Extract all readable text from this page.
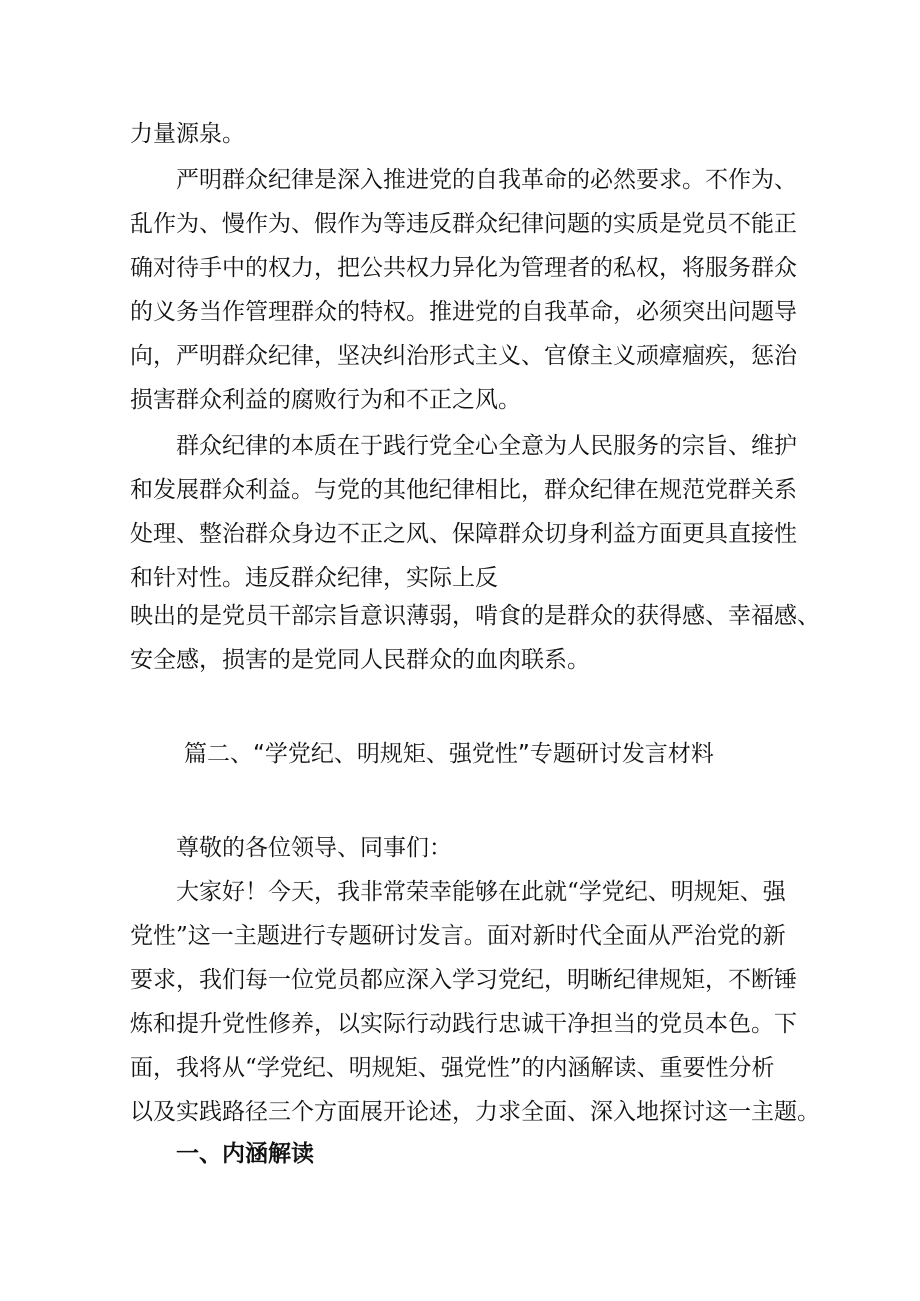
力量源泉。
严明群众纪律是深入推进党的自我革命的必然要求。不作为、
乱作为、慢作为、假作为等违反群众纪律问题的实质是党员不能正
确对待手中的权力，把公共权力异化为管理者的私权，将服务群众
的义务当作管理群众的特权。推进党的自我革命，必须突出问题导
向，严明群众纪律，坚决纠治形式主义、官僚主义顽瘴痼疾，惩治
损害群众利益的腐败行为和不正之风。
群众纪律的本质在于践行党全心全意为人民服务的宗旨、维护
和发展群众利益。与党的其他纪律相比，群众纪律在规范党群关系
处理、整治群众身边不正之风、保障群众切身利益方面更具直接性
和针对性。违反群众纪律，实际上反
映出的是党员干部宗旨意识薄弱，啃食的是群众的获得感、幸福感、
安全感，损害的是党同人民群众的血肉联系。
篇二、“学党纪、明规矩、强党性”专题研讨发言材料
尊敬的各位领导、同事们：
大家好！今天，我非常荣幸能够在此就“学党纪、明规矩、强
党性”这一主题进行专题研讨发言。面对新时代全面从严治党的新
要求，我们每一位党员都应深入学习党纪，明晰纪律规矩，不断锤
炼和提升党性修养，以实际行动践行忠诚干净担当的党员本色。下
面，我将从“学党纪、明规矩、强党性”的内涵解读、重要性分析
以及实践路径三个方面展开论述，力求全面、深入地探讨这一主题。
一、内涵解读
